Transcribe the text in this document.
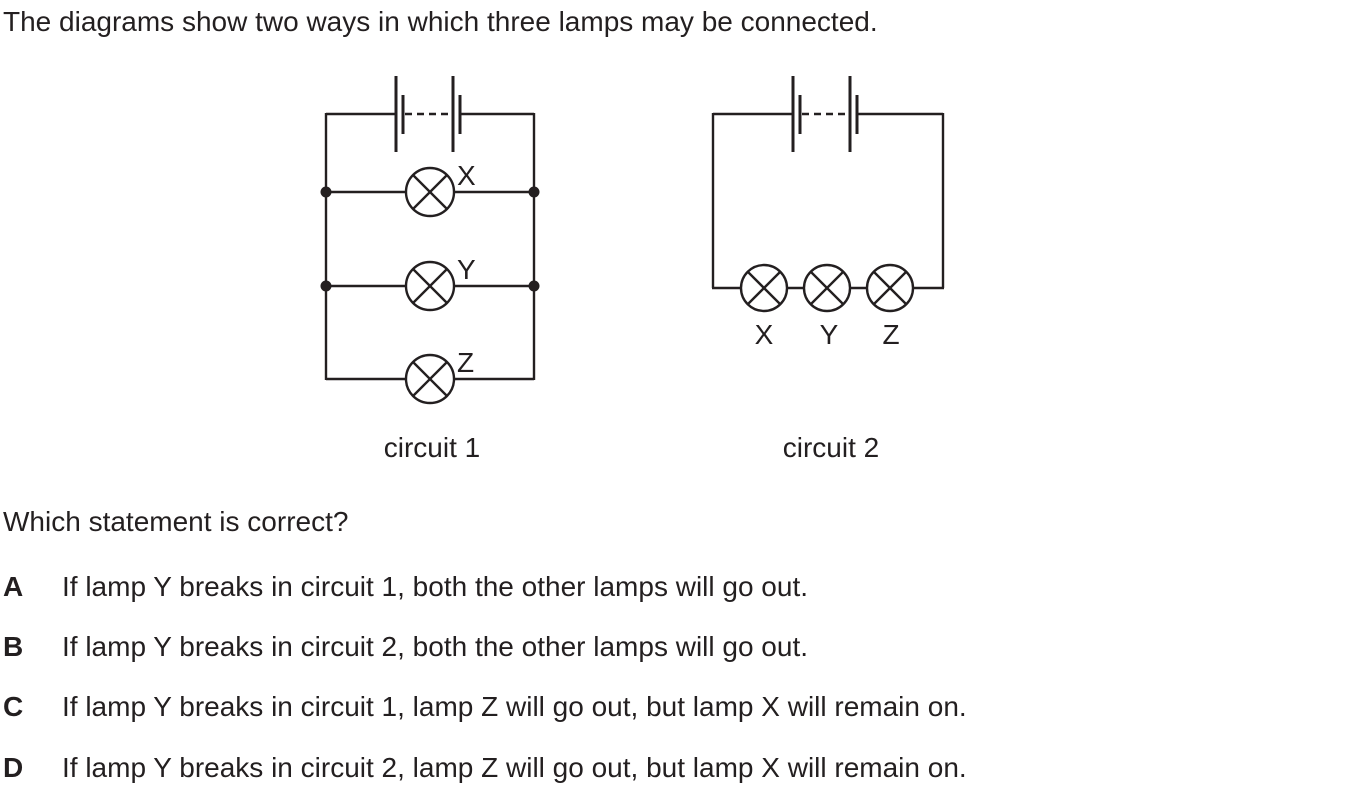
The diagrams show two ways in which three lamps may be connected.
X
Y
Z
circuit 1
X Y Z
circuit 2
Which statement is correct?
A If lamp Y breaks in circuit 1, both the other lamps will go out.
B If lamp Y breaks in circuit 2, both the other lamps will go out.
C If lamp Y breaks in circuit 1, lamp Z will go out, but lamp X will remain on.
D If lamp Y breaks in circuit 2, lamp Z will go out, but lamp X will remain on.
